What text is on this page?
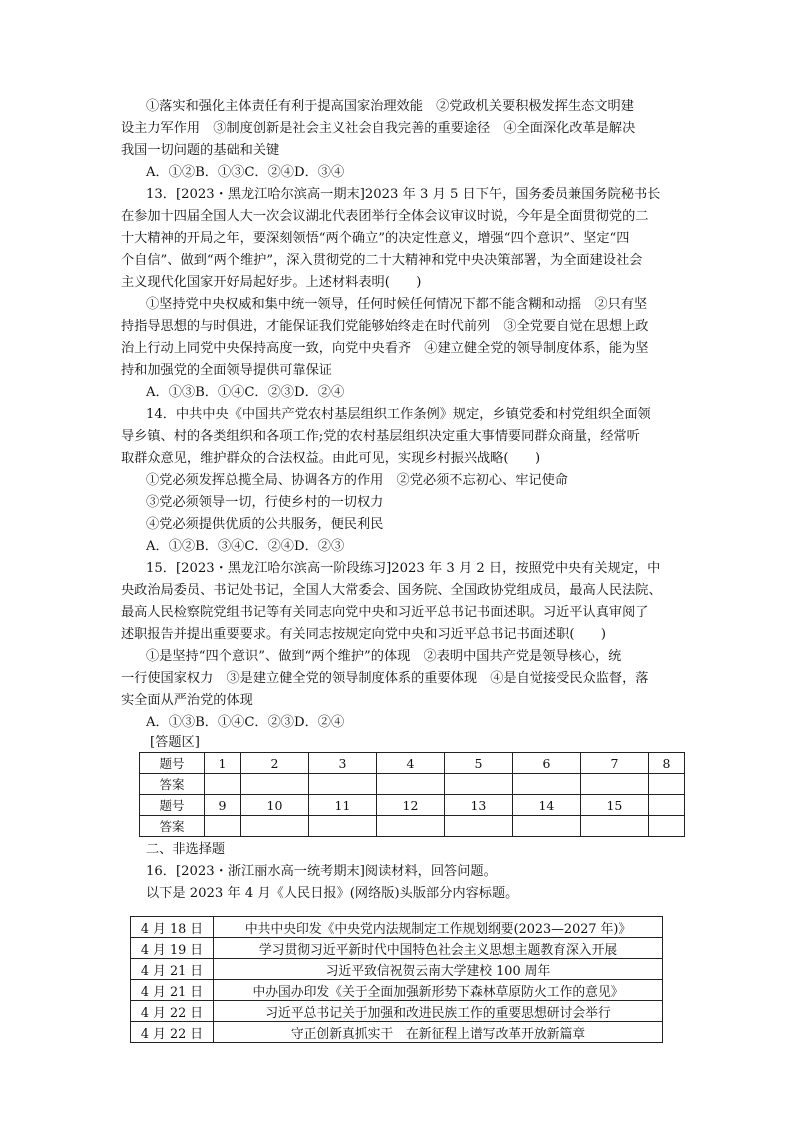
①落实和强化主体责任有利于提高国家治理效能　②党政机关要积极发挥生态文明建
设主力军作用　③制度创新是社会主义社会自我完善的重要途径　④全面深化改革是解决
我国一切问题的基础和关键
A．①②B．①③C．②④D．③④
13．[2023・黑龙江哈尔滨高一期末]2023 年 3 月 5 日下午，国务委员兼国务院秘书长
在参加十四届全国人大一次会议湖北代表团举行全体会议审议时说，今年是全面贯彻党的二
十大精神的开局之年，要深刻领悟“两个确立”的决定性意义，增强“四个意识”、坚定“四
个自信”、做到“两个维护”，深入贯彻党的二十大精神和党中央决策部署，为全面建设社会
主义现代化国家开好局起好步。上述材料表明(　　)
①坚持党中央权威和集中统一领导，任何时候任何情况下都不能含糊和动摇　②只有坚
持指导思想的与时俱进，才能保证我们党能够始终走在时代前列　③全党要自觉在思想上政
治上行动上同党中央保持高度一致，向党中央看齐　④建立健全党的领导制度体系，能为坚
持和加强党的全面领导提供可靠保证
A．①③B．①④C．②③D．②④
14．中共中央《中国共产党农村基层组织工作条例》规定，乡镇党委和村党组织全面领
导乡镇、村的各类组织和各项工作;党的农村基层组织决定重大事情要同群众商量，经常听
取群众意见，维护群众的合法权益。由此可见，实现乡村振兴战略(　　)
①党必须发挥总揽全局、协调各方的作用　②党必须不忘初心、牢记使命
③党必须领导一切，行使乡村的一切权力
④党必须提供优质的公共服务，便民利民
A．①②B．③④C．②④D．②③
15．[2023・黑龙江哈尔滨高一阶段练习]2023 年 3 月 2 日，按照党中央有关规定，中
央政治局委员、书记处书记，全国人大常委会、国务院、全国政协党组成员，最高人民法院、
最高人民检察院党组书记等有关同志向党中央和习近平总书记书面述职。习近平认真审阅了
述职报告并提出重要要求。有关同志按规定向党中央和习近平总书记书面述职(　　)
①是坚持“四个意识”、做到“两个维护”的体现　②表明中国共产党是领导核心，统
一行使国家权力　③是建立健全党的领导制度体系的重要体现　④是自觉接受民众监督，落
实全面从严治党的体现
A．①③B．①④C．②③D．②④
[答题区]
题号	1	2	3	4	5	6	7	8
答案								
题号	9	10	11	12	13	14	15	
答案								
二、非选择题
16．[2023・浙江丽水高一统考期末]阅读材料，回答问题。
以下是 2023 年 4 月《人民日报》(网络版)头版部分内容标题。
4 月 18 日	中共中央印发《中央党内法规制定工作规划纲要(2023—2027 年)》
4 月 19 日	学习贯彻习近平新时代中国特色社会主义思想主题教育深入开展
4 月 21 日	习近平致信祝贺云南大学建校 100 周年
4 月 21 日	中办国办印发《关于全面加强新形势下森林草原防火工作的意见》
4 月 22 日	习近平总书记关于加强和改进民族工作的重要思想研讨会举行
4 月 22 日	守正创新真抓实干　在新征程上谱写改革开放新篇章
